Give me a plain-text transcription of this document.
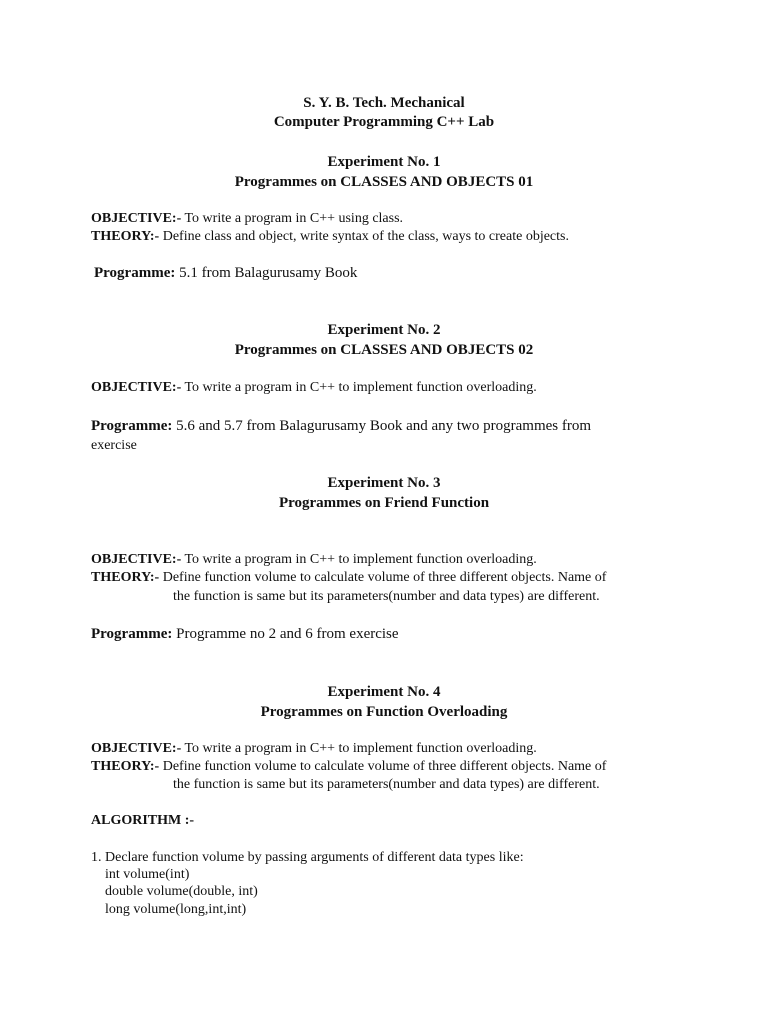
S. Y. B. Tech. Mechanical
Computer Programming C++ Lab
Experiment No. 1
Programmes on CLASSES AND OBJECTS 01
OBJECTIVE:- To write a program in C++ using class.
THEORY:- Define class and object, write syntax of the class, ways to create objects.
Programme: 5.1 from Balagurusamy Book
Experiment No. 2
Programmes on CLASSES AND OBJECTS 02
OBJECTIVE:- To write a program in C++ to implement function overloading.
Programme: 5.6 and 5.7 from Balagurusamy Book and any two programmes from
exercise
Experiment No. 3
Programmes on Friend Function
OBJECTIVE:- To write a program in C++ to implement function overloading.
THEORY:- Define function volume to calculate volume of three different objects. Name of
the function is same but its parameters(number and data types) are different.
Programme: Programme no 2 and 6 from exercise
Experiment No. 4
Programmes on Function Overloading
OBJECTIVE:- To write a program in C++ to implement function overloading.
THEORY:- Define function volume to calculate volume of three different objects. Name of
the function is same but its parameters(number and data types) are different.
ALGORITHM :-
1. Declare function volume by passing arguments of different data types like:
int volume(int)
double volume(double, int)
long volume(long,int,int)
